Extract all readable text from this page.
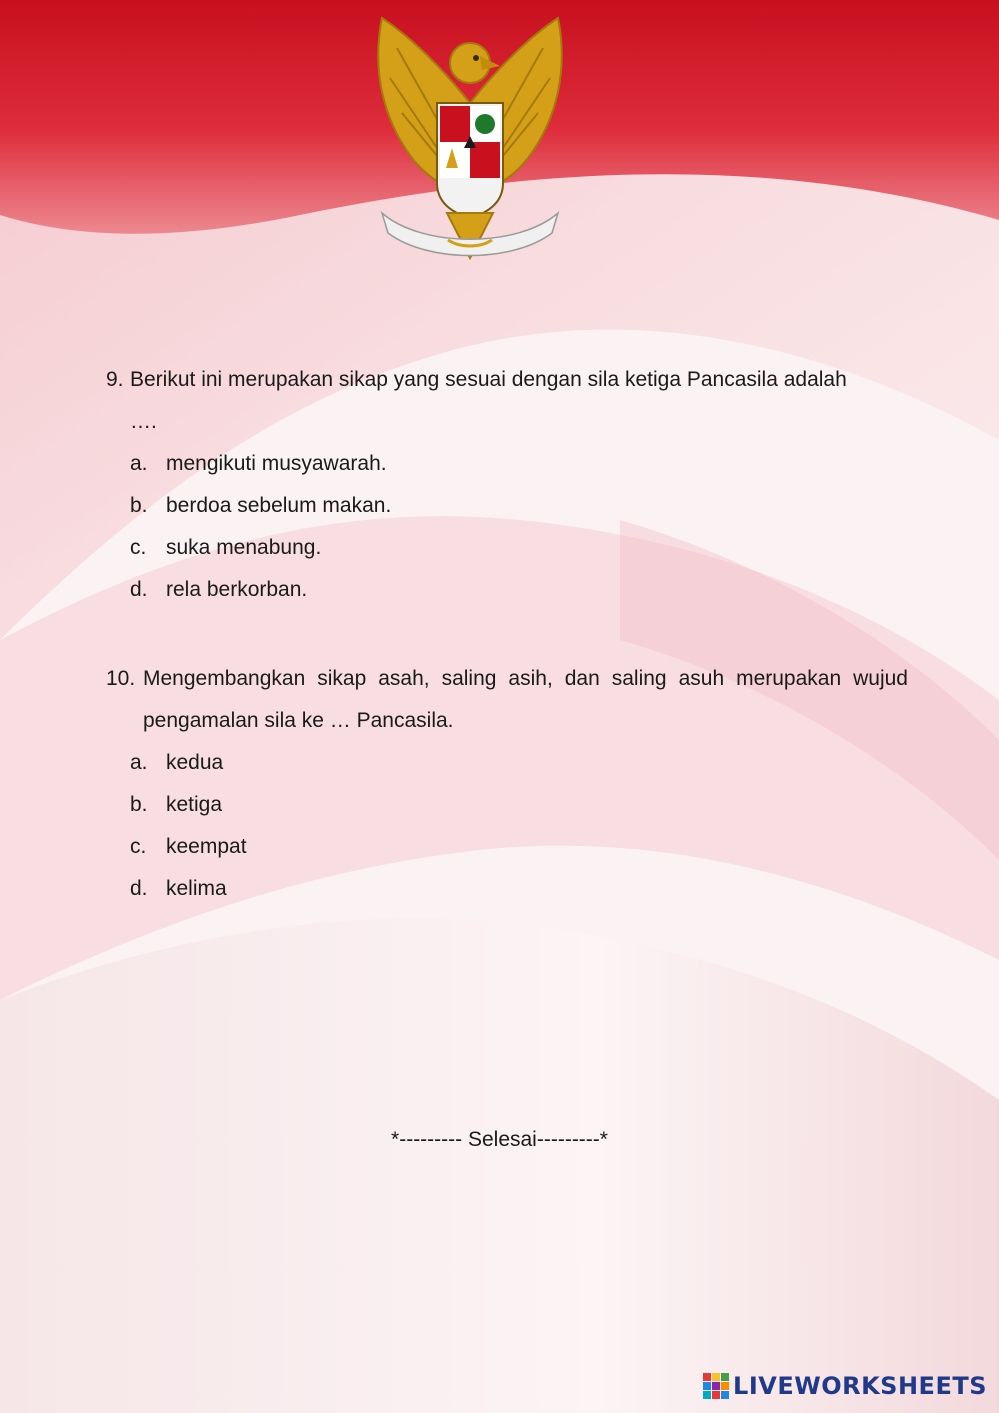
9. Berikut ini merupakan sikap yang sesuai dengan sila ketiga Pancasila adalah
….
a. mengikuti musyawarah.
b. berdoa sebelum makan.
c. suka menabung.
d. rela berkorban.
10. Mengembangkan sikap asah, saling asih, dan saling asuh merupakan wujud pengamalan sila ke … Pancasila.
a. kedua
b. ketiga
c. keempat
d. kelima
*--------- Selesai---------*
LIVEWORKSHEETS
